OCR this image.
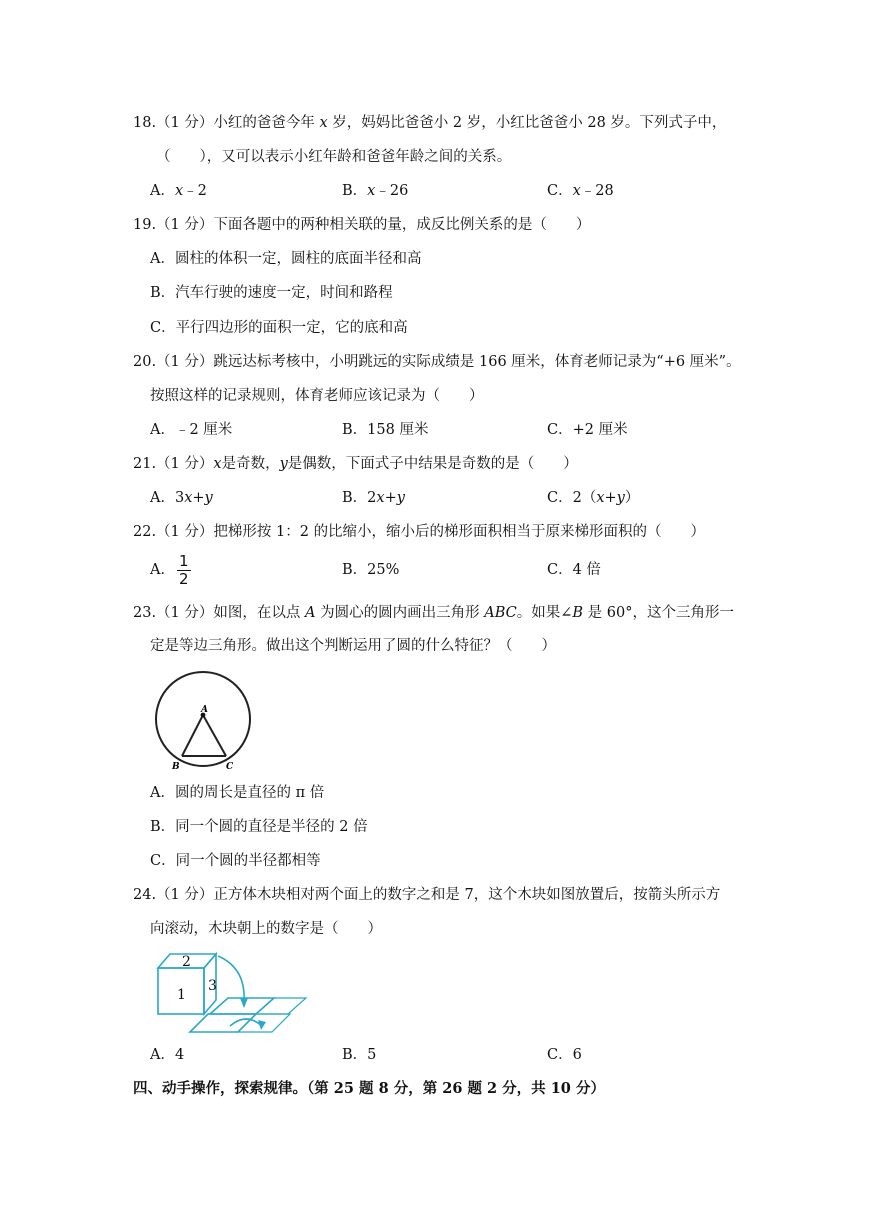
18.（1 分）小红的爸爸今年 x 岁，妈妈比爸爸小 2 岁，小红比爸爸小 28 岁。下列式子中，
（　　），又可以表示小红年龄和爸爸年龄之间的关系。
A．x﹣2	B．x﹣26	C．x﹣28
19.（1 分）下面各题中的两种相关联的量，成反比例关系的是（　　）
A．圆柱的体积一定，圆柱的底面半径和高
B．汽车行驶的速度一定，时间和路程
C．平行四边形的面积一定，它的底和高
20.（1 分）跳远达标考核中，小明跳远的实际成绩是 166 厘米，体育老师记录为“+6 厘米”。
按照这样的记录规则，体育老师应该记录为（　　）
A．﹣2 厘米	B．158 厘米	C．+2 厘米
21.（1 分）x是奇数，y是偶数，下面式子中结果是奇数的是（　　）
A．3x+y	B．2x+y	C．2（x+y）
22.（1 分）把梯形按 1：2 的比缩小，缩小后的梯形面积相当于原来梯形面积的（　　）
A． $\frac{1}{2}$	B．25%	C．4 倍
23.（1 分）如图，在以点 A 为圆心的圆内画出三角形 ABC。如果∠B 是 60°，这个三角形一
定是等边三角形。做出这个判断运用了圆的什么特征？（　　）
A
B	C
A．圆的周长是直径的 π 倍
B．同一个圆的直径是半径的 2 倍
C．同一个圆的半径都相等
24.（1 分）正方体木块相对两个面上的数字之和是 7，这个木块如图放置后，按箭头所示方
向滚动，木块朝上的数字是（　　）
2
1
3
A．4	B．5	C．6
四、动手操作，探索规律。（第 25 题 8 分，第 26 题 2 分，共 10 分）
